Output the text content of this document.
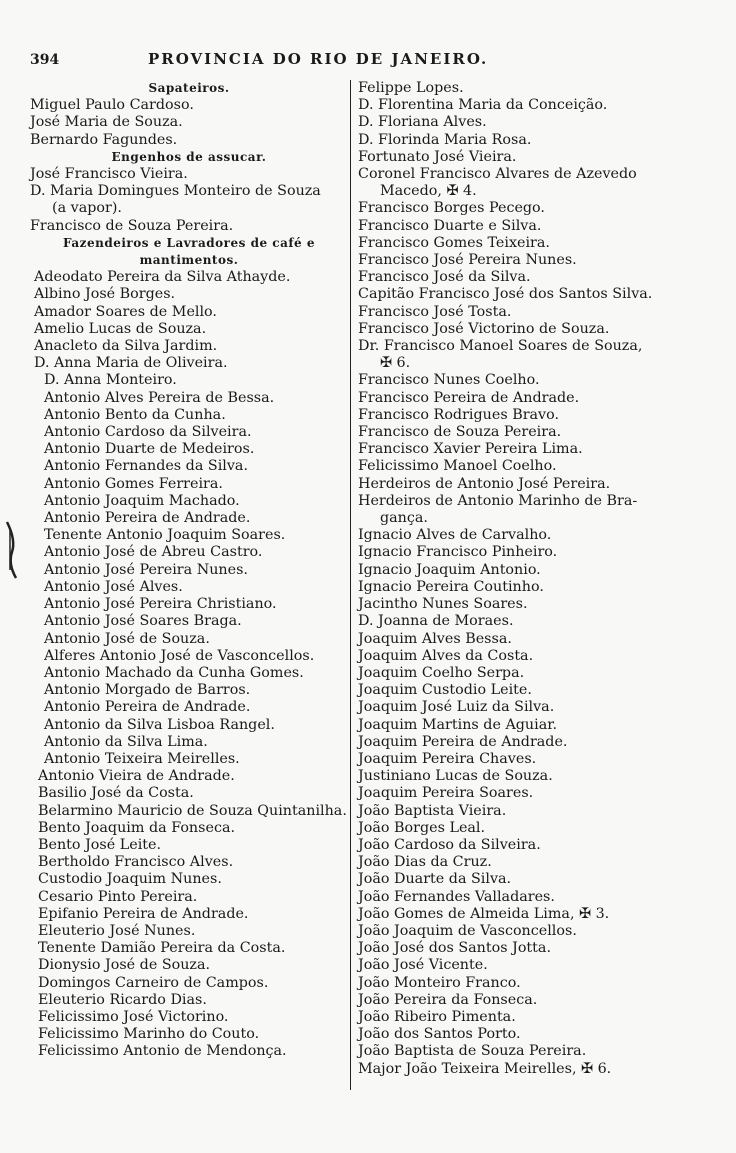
394	PROVINCIA DO RIO DE JANEIRO.
Sapateiros.
Miguel Paulo Cardoso.
José Maria de Souza.
Bernardo Fagundes.
Engenhos de assucar.
José Francisco Vieira.
D. Maria Domingues Monteiro de Souza
(a vapor).
Francisco de Souza Pereira.
Fazendeiros e Lavradores de café e
mantimentos.
Adeodato Pereira da Silva Athayde.
Albino José Borges.
Amador Soares de Mello.
Amelio Lucas de Souza.
Anacleto da Silva Jardim.
D. Anna Maria de Oliveira.
D. Anna Monteiro.
Antonio Alves Pereira de Bessa.
Antonio Bento da Cunha.
Antonio Cardoso da Silveira.
Antonio Duarte de Medeiros.
Antonio Fernandes da Silva.
Antonio Gomes Ferreira.
Antonio Joaquim Machado.
Antonio Pereira de Andrade.
Tenente Antonio Joaquim Soares.
Antonio José de Abreu Castro.
Antonio José Pereira Nunes.
Antonio José Alves.
Antonio José Pereira Christiano.
Antonio José Soares Braga.
Antonio José de Souza.
Alferes Antonio José de Vasconcellos.
Antonio Machado da Cunha Gomes.
Antonio Morgado de Barros.
Antonio Pereira de Andrade.
Antonio da Silva Lisboa Rangel.
Antonio da Silva Lima.
Antonio Teixeira Meirelles.
Antonio Vieira de Andrade.
Basilio José da Costa.
Belarmino Mauricio de Souza Quintanilha.
Bento Joaquim da Fonseca.
Bento José Leite.
Bertholdo Francisco Alves.
Custodio Joaquim Nunes.
Cesario Pinto Pereira.
Epifanio Pereira de Andrade.
Eleuterio José Nunes.
Tenente Damião Pereira da Costa.
Dionysio José de Souza.
Domingos Carneiro de Campos.
Eleuterio Ricardo Dias.
Felicissimo José Victorino.
Felicissimo Marinho do Couto.
Felicissimo Antonio de Mendonça.
Felippe Lopes.
D. Florentina Maria da Conceição.
D. Floriana Alves.
D. Florinda Maria Rosa.
Fortunato José Vieira.
Coronel Francisco Alvares de Azevedo
Macedo, ✠ 4.
Francisco Borges Pecego.
Francisco Duarte e Silva.
Francisco Gomes Teixeira.
Francisco José Pereira Nunes.
Francisco José da Silva.
Capitão Francisco José dos Santos Silva.
Francisco José Tosta.
Francisco José Victorino de Souza.
Dr. Francisco Manoel Soares de Souza,
✠ 6.
Francisco Nunes Coelho.
Francisco Pereira de Andrade.
Francisco Rodrigues Bravo.
Francisco de Souza Pereira.
Francisco Xavier Pereira Lima.
Felicissimo Manoel Coelho.
Herdeiros de Antonio José Pereira.
Herdeiros de Antonio Marinho de Bra-
gança.
Ignacio Alves de Carvalho.
Ignacio Francisco Pinheiro.
Ignacio Joaquim Antonio.
Ignacio Pereira Coutinho.
Jacintho Nunes Soares.
D. Joanna de Moraes.
Joaquim Alves Bessa.
Joaquim Alves da Costa.
Joaquim Coelho Serpa.
Joaquim Custodio Leite.
Joaquim José Luiz da Silva.
Joaquim Martins de Aguiar.
Joaquim Pereira de Andrade.
Joaquim Pereira Chaves.
Justiniano Lucas de Souza.
Joaquim Pereira Soares.
João Baptista Vieira.
João Borges Leal.
João Cardoso da Silveira.
João Dias da Cruz.
João Duarte da Silva.
João Fernandes Valladares.
João Gomes de Almeida Lima, ✠ 3.
João Joaquim de Vasconcellos.
João José dos Santos Jotta.
João José Vicente.
João Monteiro Franco.
João Pereira da Fonseca.
João Ribeiro Pimenta.
João dos Santos Porto.
João Baptista de Souza Pereira.
Major João Teixeira Meirelles, ✠ 6.
